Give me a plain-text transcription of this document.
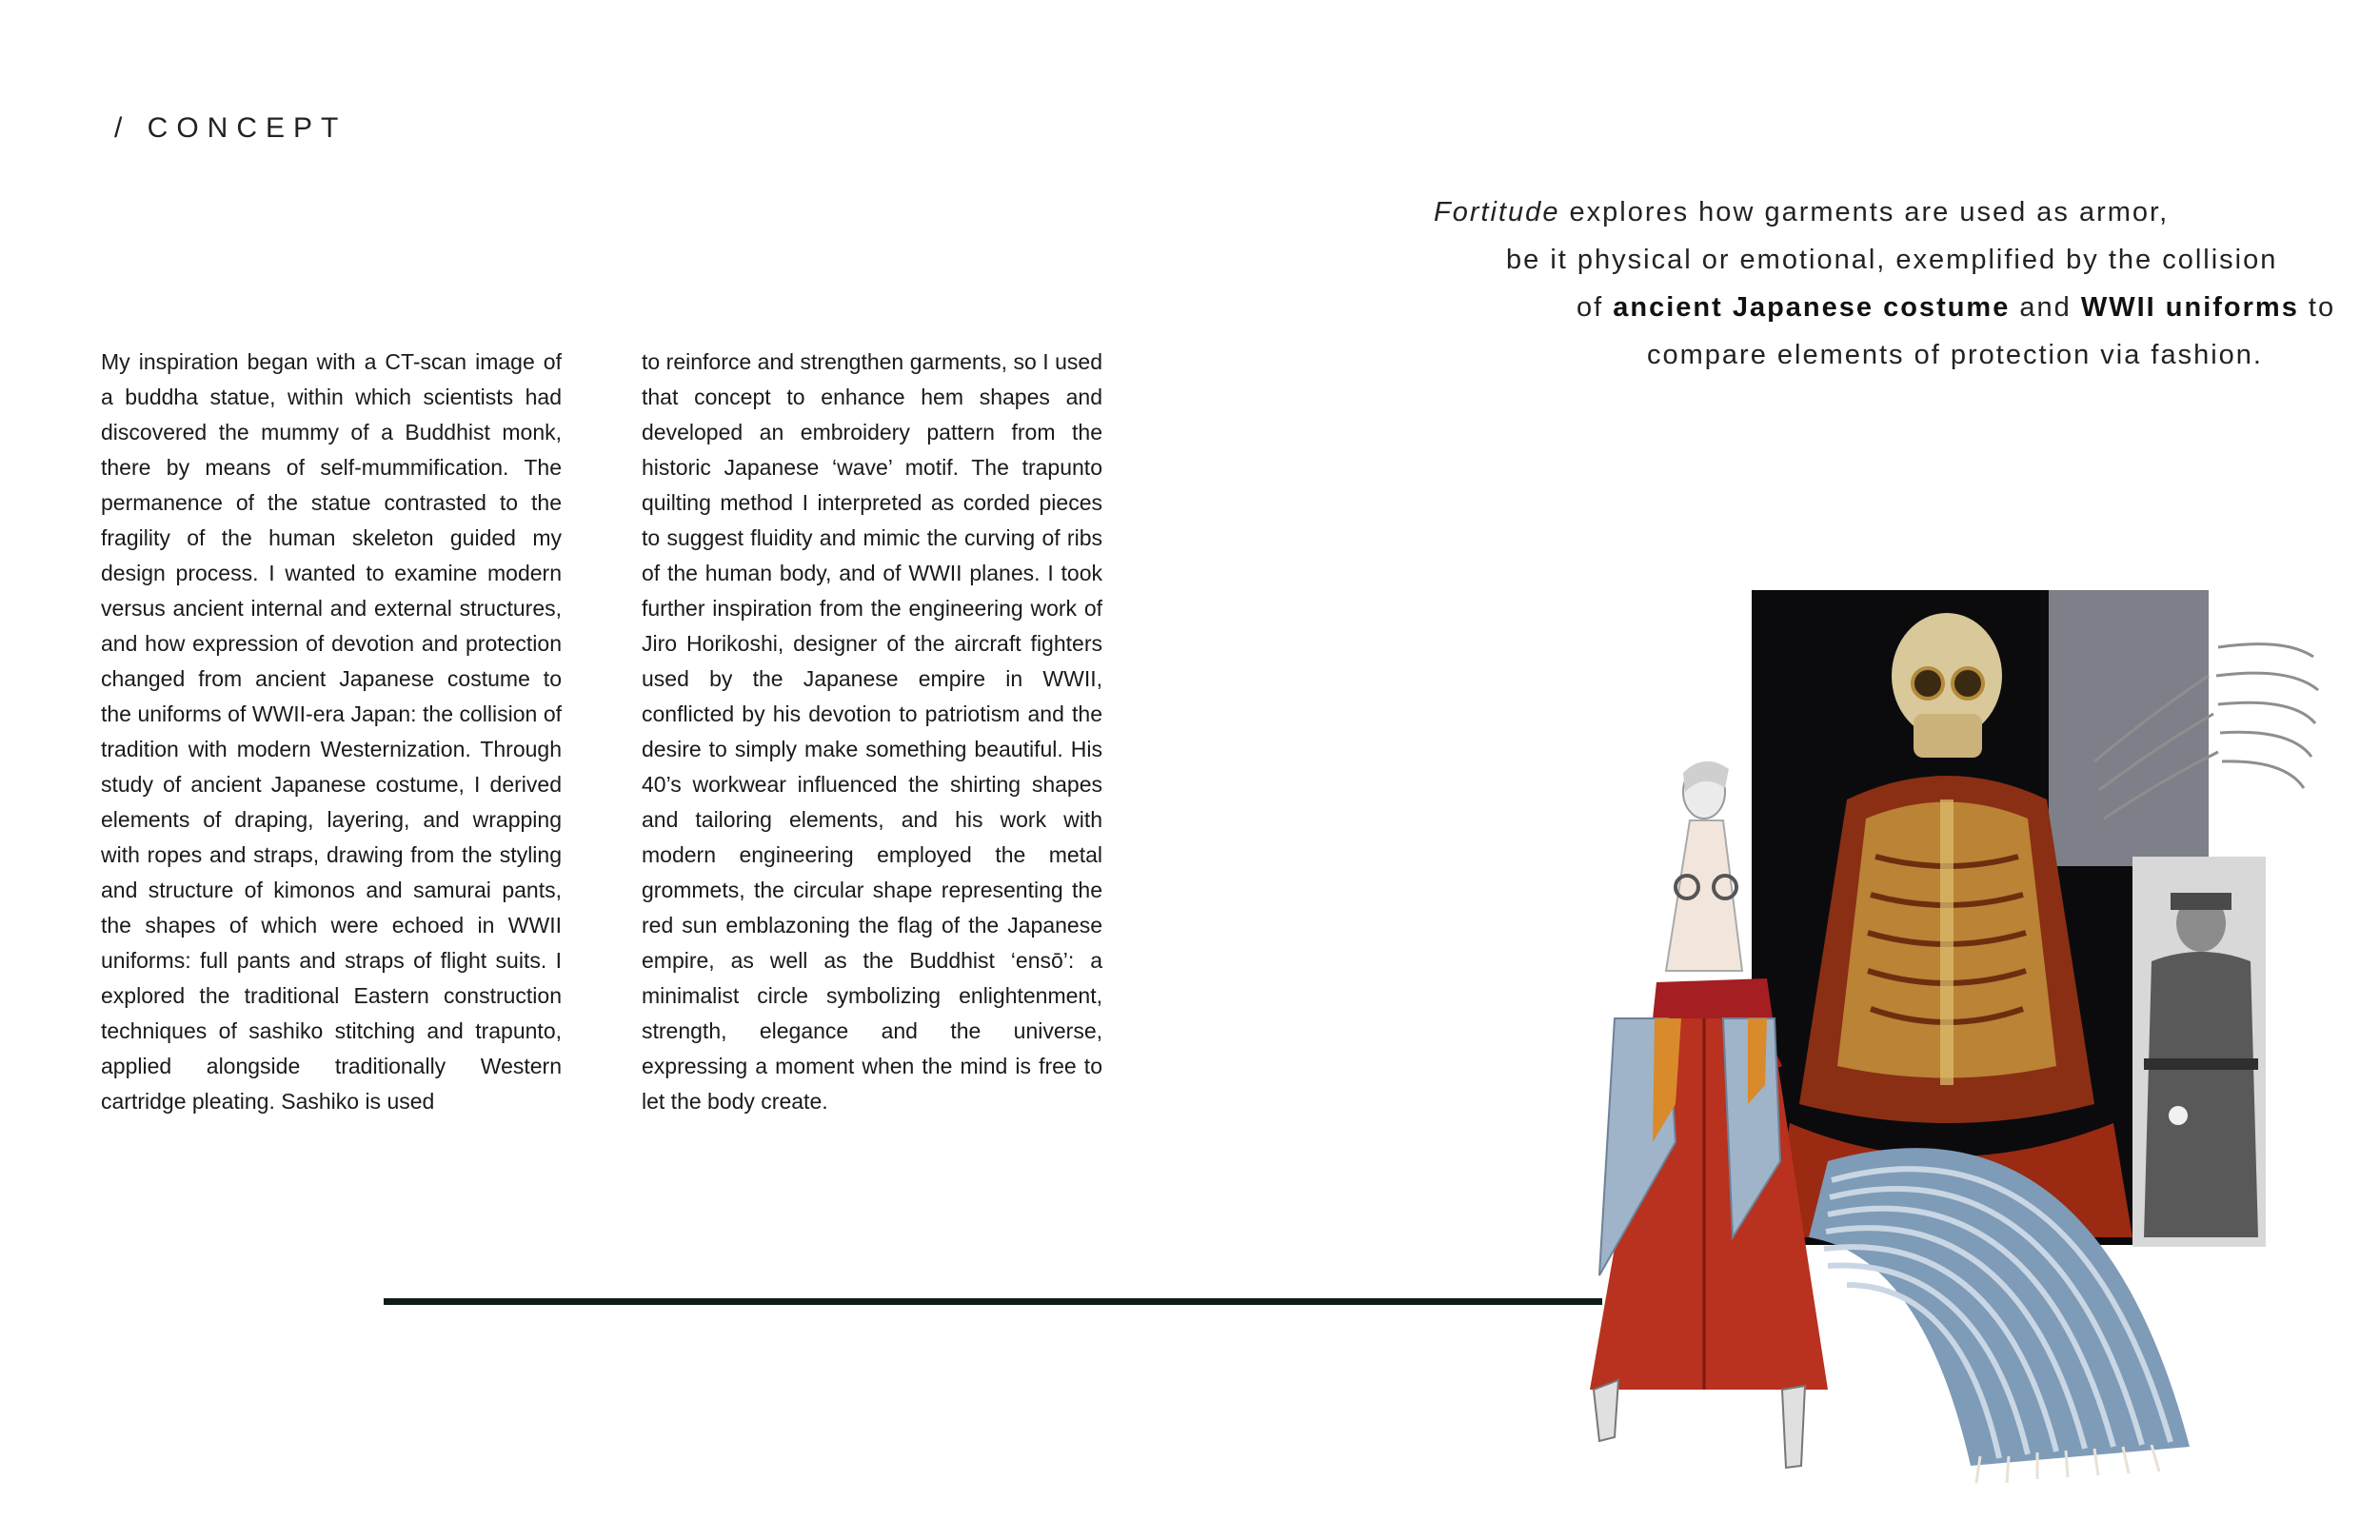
/ CONCEPT
My inspiration began with a CT-scan image of a buddha statue, within which scientists had discovered the mummy of a Buddhist monk, there by means of self-mummification. The permanence of the statue contrasted to the fragility of the human skeleton guided my design process. I wanted to examine modern versus ancient internal and external structures, and how expression of devotion and protection changed from ancient Japanese costume to the uniforms of WWII-era Japan: the collision of tradition with modern Westernization. Through study of ancient Japanese costume, I derived elements of draping, layering, and wrapping with ropes and straps, drawing from the styling and structure of kimonos and samurai pants, the shapes of which were echoed in WWII uniforms: full pants and straps of flight suits. I explored the traditional Eastern construction techniques of sashiko stitching and trapunto, applied alongside traditionally Western cartridge pleating. Sashiko is used
to reinforce and strengthen garments, so I used that concept to enhance hem shapes and developed an embroidery pattern from the historic Japanese ‘wave’ motif. The trapunto quilting method I interpreted as corded pieces to suggest fluidity and mimic the curving of ribs of the human body, and of WWII planes. I took further inspiration from the engineering work of Jiro Horikoshi, designer of the aircraft fighters used by the Japanese empire in WWII, conflicted by his devotion to patriotism and the desire to simply make something beautiful. His 40’s workwear influenced the shirting shapes and tailoring elements, and his work with modern engineering employed the metal grommets, the circular shape representing the red sun emblazoning the flag of the Japanese empire, as well as the Buddhist ‘ensō’: a minimalist circle symbolizing enlightenment, strength, elegance and the universe, expressing a moment when the mind is free to let the body create.
Fortitude explores how garments are used as armor,
be it physical or emotional, exemplified by the collision
of ancient Japanese costume and WWII uniforms to
compare elements of protection via fashion.
